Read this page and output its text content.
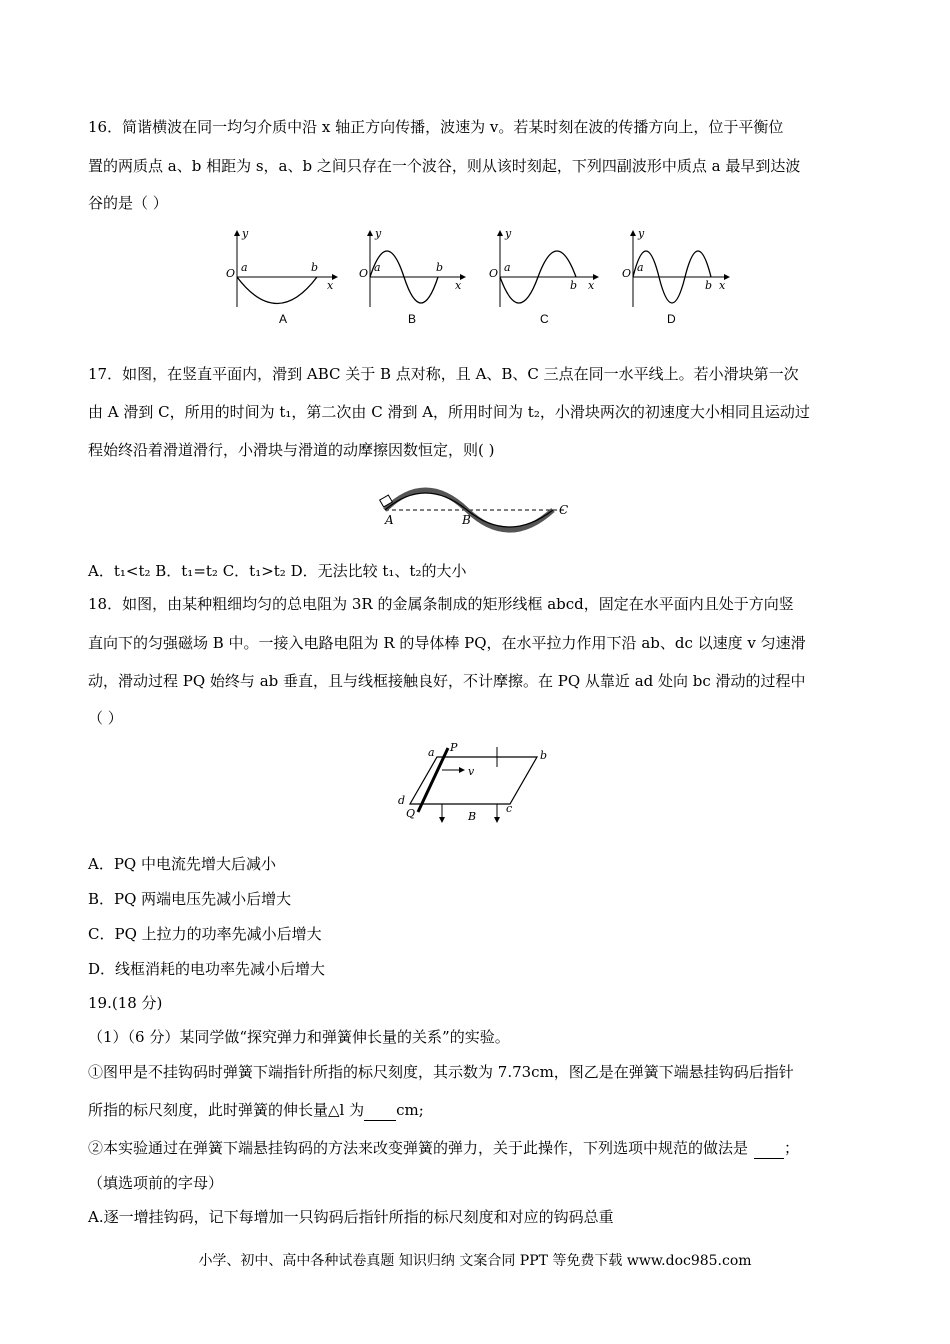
16．简谐横波在同一均匀介质中沿 x 轴正方向传播，波速为 v。若某时刻在波的传播方向上，位于平衡位
置的两质点 a、b 相距为 s，a、b 之间只存在一个波谷，则从该时刻起，下列四副波形中质点 a 最早到达波
谷的是（ ）
y
O a	b
x
A
y
O a	b
x
B
y
O a
b x
C
y
O a
b x
D
17．如图，在竖直平面内，滑到 ABC 关于 B 点对称，且 A、B、C 三点在同一水平线上。若小滑块第一次
由 A 滑到 C，所用的时间为 t₁，第二次由 C 滑到 A，所用时间为 t₂，小滑块两次的初速度大小相同且运动过
程始终沿着滑道滑行，小滑块与滑道的动摩擦因数恒定，则( )
A	B
C
A．t₁<t₂ B．t₁=t₂ C．t₁>t₂ D．无法比较 t₁、t₂的大小
18．如图，由某种粗细均匀的总电阻为 3R 的金属条制成的矩形线框 abcd，固定在水平面内且处于方向竖
直向下的匀强磁场 B 中。一接入电路电阻为 R 的导体棒 PQ，在水平拉力作用下沿 ab、dc 以速度 v 匀速滑
动，滑动过程 PQ 始终与 ab 垂直，且与线框接触良好，不计摩擦。在 PQ 从靠近 ad 处向 bc 滑动的过程中
（ ）
a P
b
v
d
Q	c
B
A．PQ 中电流先增大后减小
B．PQ 两端电压先减小后增大
C．PQ 上拉力的功率先减小后增大
D．线框消耗的电功率先减小后增大
19.(18 分)
（1）（6 分）某同学做“探究弹力和弹簧伸长量的关系”的实验。
①图甲是不挂钩码时弹簧下端指针所指的标尺刻度，其示数为 7.73cm，图乙是在弹簧下端悬挂钩码后指针
所指的标尺刻度，此时弹簧的伸长量△l 为 cm;
②本实验通过在弹簧下端悬挂钩码的方法来改变弹簧的弹力，关于此操作，下列选项中规范的做法是 ；
（填选项前的字母）
A.逐一增挂钩码，记下每增加一只钩码后指针所指的标尺刻度和对应的钩码总重
小学、初中、高中各种试卷真题 知识归纳 文案合同 PPT 等免费下载 www.doc985.com
